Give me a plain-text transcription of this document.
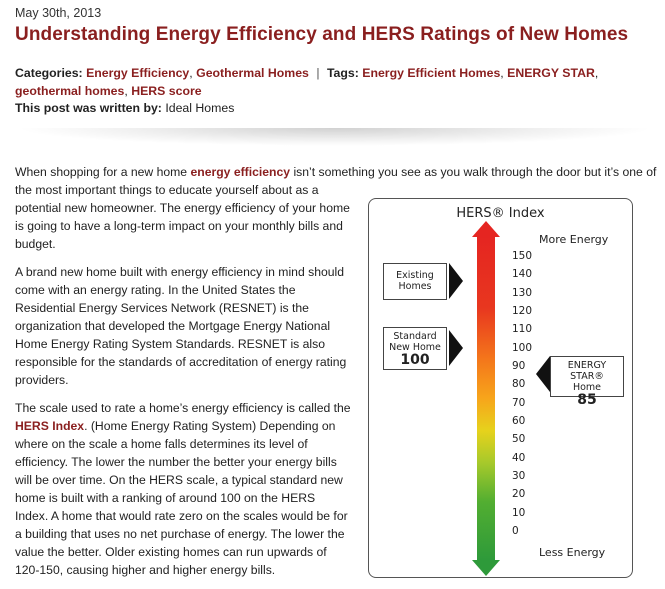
May 30th, 2013
Understanding Energy Efficiency and HERS Ratings of New Homes
Categories: Energy Efficiency, Geothermal Homes | Tags: Energy Efficient Homes, ENERGY STAR,
geothermal homes, HERS score
This post was written by: Ideal Homes
When shopping for a new home energy efficiency isn’t something you see as you walk through the door but it’s one of

the most important things to educate yourself about as a potential new homeowner. The energy efficiency of your home is going to have a long-term impact on your monthly bills and budget.

A brand new home built with energy efficiency in mind should come with an energy rating. In the United States the Residential Energy Services Network (RESNET) is the organization that developed the Mortgage Energy National Home Energy Rating System Standards. RESNET is also responsible for the standards of accreditation of energy rating providers.

The scale used to rate a home’s energy efficiency is called the HERS Index. (Home Energy Rating System) Depending on where on the scale a home falls determines its level of efficiency. The lower the number the better your energy bills will be over time. On the HERS scale, a typical standard new home is built with a ranking of around 100 on the HERS Index. A home that would rate zero on the scales would be for a building that uses no net purchase of energy. The lower the value the better. Older existing homes can run upwards of 120-150, causing higher and higher energy bills.

HERS® Index
More Energy
150
140
130
120
110
100
90
80
70
60
50
40
30
20
10
0
Less Energy
Existing Homes
Standard New Home
100	ENERGY STAR®
Home
85
